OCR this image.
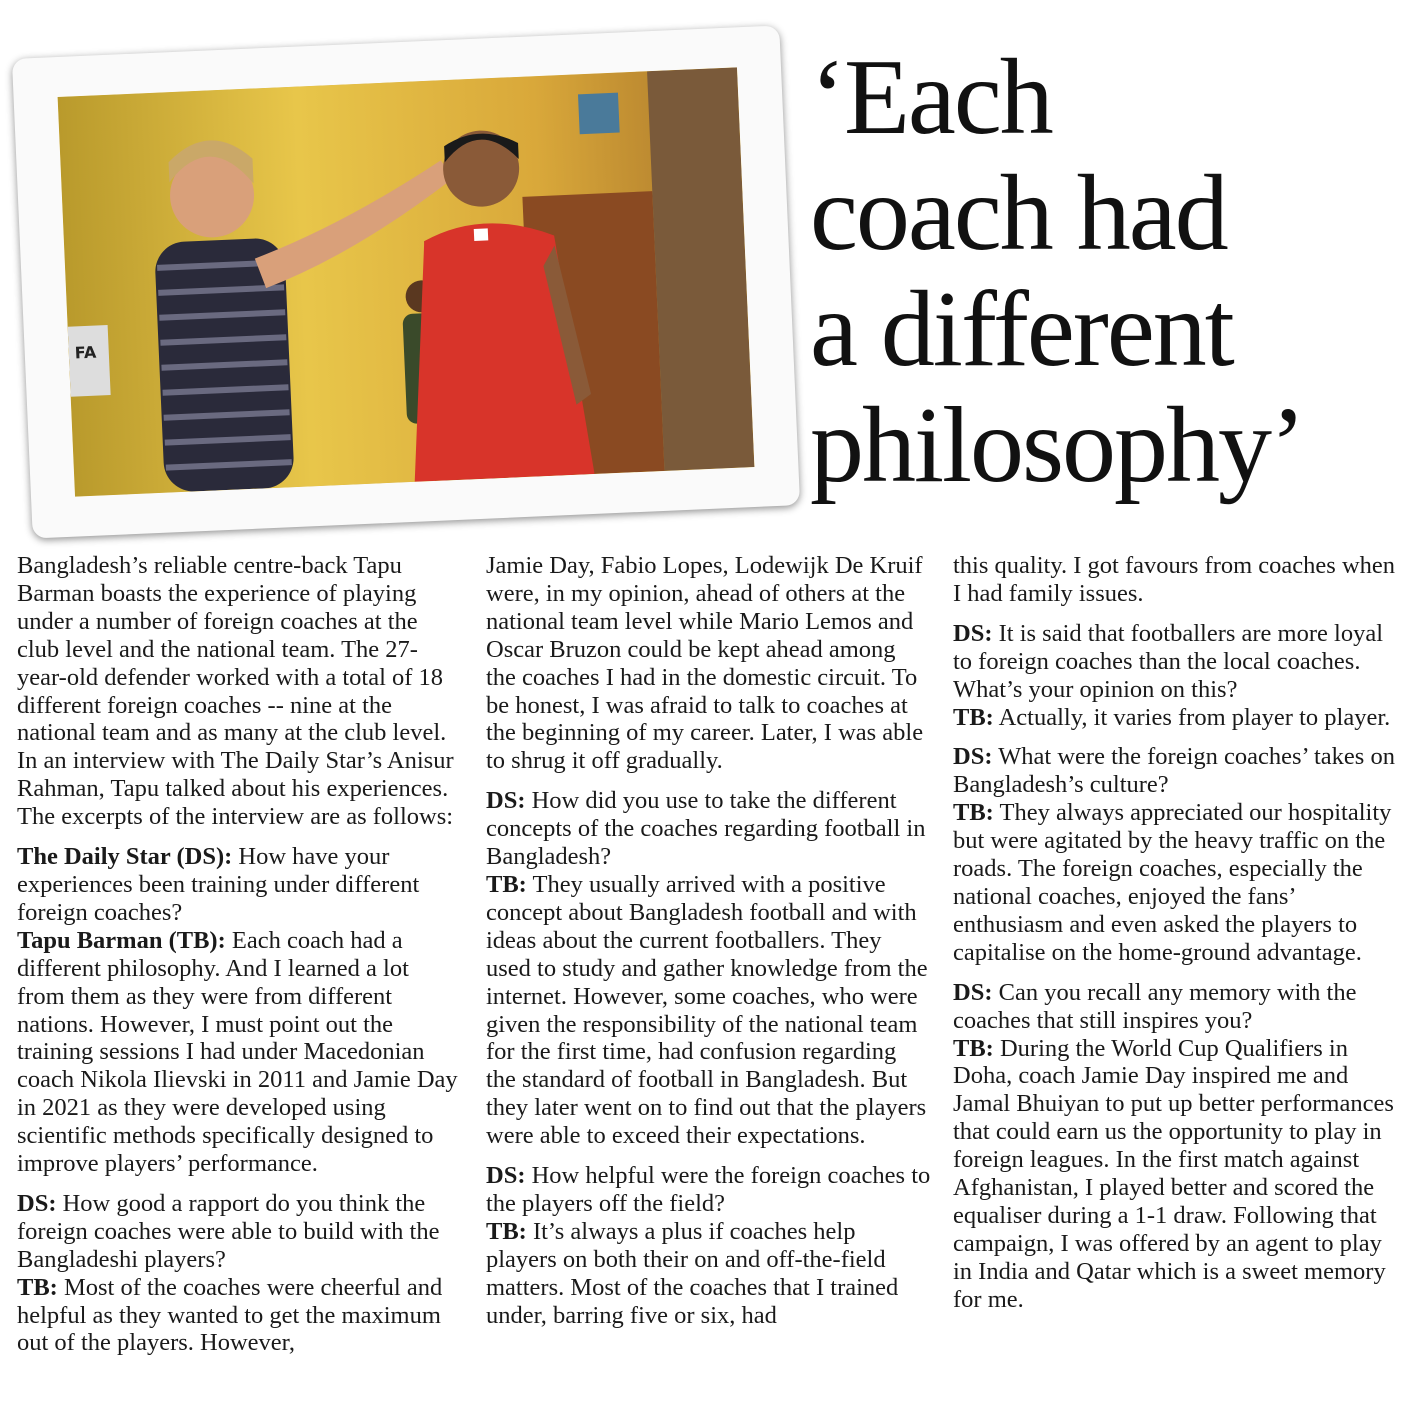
FA
‘Each
coach had
a different
philosophy’

Bangladesh’s reliable centre-back Tapu Barman boasts the experience of playing under a number of foreign coaches at the club level and the national team. The 27-year-old defender worked with a total of 18 different foreign coaches -- nine at the national team and as many at the club level. In an interview with The Daily Star’s Anisur Rahman, Tapu talked about his experiences. The excerpts of the interview are as follows:

The Daily Star (DS): How have your experiences been training under different foreign coaches?
Tapu Barman (TB): Each coach had a different philosophy. And I learned a lot from them as they were from different nations. However, I must point out the training sessions I had under Macedonian coach Nikola Ilievski in 2011 and Jamie Day in 2021 as they were developed using scientific methods specifically designed to improve players’ performance.

DS: How good a rapport do you think the foreign coaches were able to build with the Bangladeshi players?
TB: Most of the coaches were cheerful and helpful as they wanted to get the maximum out of the players. However,

Jamie Day, Fabio Lopes, Lodewijk De Kruif were, in my opinion, ahead of others at the national team level while Mario Lemos and Oscar Bruzon could be kept ahead among the coaches I had in the domestic circuit. To be honest, I was afraid to talk to coaches at the beginning of my career. Later, I was able to shrug it off gradually.

DS: How did you use to take the different concepts of the coaches regarding football in Bangladesh?
TB: They usually arrived with a positive concept about Bangladesh football and with ideas about the current footballers. They used to study and gather knowledge from the internet. However, some coaches, who were given the responsibility of the national team for the first time, had confusion regarding the standard of football in Bangladesh. But they later went on to find out that the players were able to exceed their expectations.

DS: How helpful were the foreign coaches to the players off the field?
TB: It’s always a plus if coaches help players on both their on and off-the-field matters. Most of the coaches that I trained under, barring five or six, had

this quality. I got favours from coaches when I had family issues.

DS: It is said that footballers are more loyal to foreign coaches than the local coaches. What’s your opinion on this?
TB: Actually, it varies from player to player.

DS: What were the foreign coaches’ takes on Bangladesh’s culture?
TB: They always appreciated our hospitality but were agitated by the heavy traffic on the roads. The foreign coaches, especially the national coaches, enjoyed the fans’ enthusiasm and even asked the players to capitalise on the home-ground advantage.

DS: Can you recall any memory with the coaches that still inspires you?
TB: During the World Cup Qualifiers in Doha, coach Jamie Day inspired me and Jamal Bhuiyan to put up better performances that could earn us the opportunity to play in foreign leagues. In the first match against Afghanistan, I played better and scored the equaliser during a 1-1 draw. Following that campaign, I was offered by an agent to play in India and Qatar which is a sweet memory for me.
